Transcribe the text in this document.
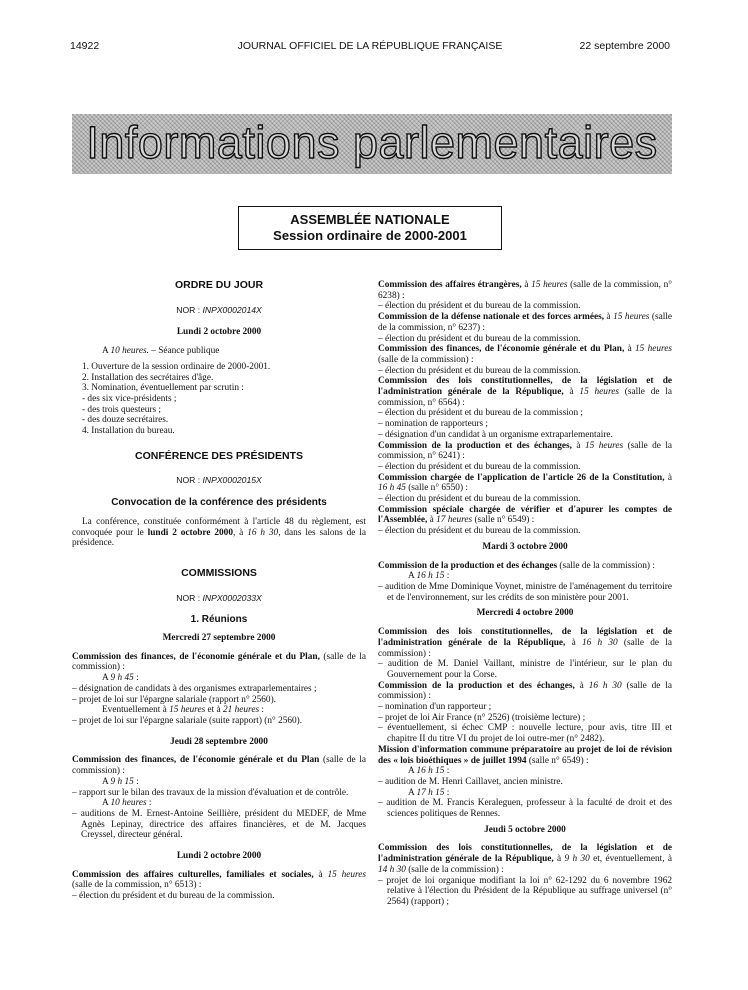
14922	JOURNAL OFFICIEL DE LA RÉPUBLIQUE FRANÇAISE	22 septembre 2000
Informations parlementaires
ASSEMBLÉE NATIONALE
Session ordinaire de 2000-2001
ORDRE DU JOUR
NOR : INPX0002014X
Lundi 2 octobre 2000

A 10 heures. – Séance publique

1. Ouverture de la session ordinaire de 2000-2001.

2. Installation des secrétaires d'âge.

3. Nomination, éventuellement par scrutin :

- des six vice-présidents ;

- des trois questeurs ;

- des douze secrétaires.

4. Installation du bureau.

CONFÉRENCE DES PRÉSIDENTS
NOR : INPX0002015X
Convocation de la conférence des présidents

La conférence, constituée conformément à l'article 48 du règlement, est convoquée pour le lundi 2 octobre 2000, à 16 h 30, dans les salons de la présidence.

COMMISSIONS
NOR : INPX0002033X
1. Réunions
Mercredi 27 septembre 2000

Commission des finances, de l'économie générale et du Plan, (salle de la commission) :

A 9 h 45 :

– désignation de candidats à des organismes extraparlementaires ;

– projet de loi sur l'épargne salariale (rapport n° 2560).

Eventuellement à 15 heures et à 21 heures :

– projet de loi sur l'épargne salariale (suite rapport) (n° 2560).

Jeudi 28 septembre 2000

Commission des finances, de l'économie générale et du Plan (salle de la commission) :

A 9 h 15 :

– rapport sur le bilan des travaux de la mission d'évaluation et de contrôle.

A 10 heures :

– auditions de M. Ernest-Antoine Seillière, président du MEDEF, de Mme Agnès Lepinay, directrice des affaires financières, et de M. Jacques Creyssel, directeur général.

Lundi 2 octobre 2000

Commission des affaires culturelles, familiales et sociales, à 15 heures (salle de la commission, n° 6513) :

– élection du président et du bureau de la commission.

Commission des affaires étrangères, à 15 heures (salle de la commission, n° 6238) :

– élection du président et du bureau de la commission.

Commission de la défense nationale et des forces armées, à 15 heures (salle de la commission, n° 6237) :

– élection du président et du bureau de la commission.

Commission des finances, de l'économie générale et du Plan, à 15 heures (salle de la commission) :

– élection du président et du bureau de la commission.

Commission des lois constitutionnelles, de la législation et de l'administration générale de la République, à 15 heures (salle de la commission, n° 6564) :

– élection du président et du bureau de la commission ;

– nomination de rapporteurs ;

– désignation d'un candidat à un organisme extraparlementaire.

Commission de la production et des échanges, à 15 heures (salle de la commission, n° 6241) :

– élection du président et du bureau de la commission.

Commission chargée de l'application de l'article 26 de la Constitution, à 16 h 45 (salle n° 6550) :

– élection du président et du bureau de la commission.

Commission spéciale chargée de vérifier et d'apurer les comptes de l'Assemblée, à 17 heures (salle n° 6549) :

– élection du président et du bureau de la commission.

Mardi 3 octobre 2000

Commission de la production et des échanges (salle de la commission) :

A 16 h 15 :

– audition de Mme Dominique Voynet, ministre de l'aménagement du territoire et de l'environnement, sur les crédits de son ministère pour 2001.

Mercredi 4 octobre 2000

Commission des lois constitutionnelles, de la législation et de l'administration générale de la République, à 16 h 30 (salle de la commission) :

– audition de M. Daniel Vaillant, ministre de l'intérieur, sur le plan du Gouvernement pour la Corse.

Commission de la production et des échanges, à 16 h 30 (salle de la commission) :

– nomination d'un rapporteur ;

– projet de loi Air France (n° 2526) (troisième lecture) ;

– éventuellement, si échec CMP : nouvelle lecture, pour avis, titre III et chapitre II du titre VI du projet de loi outre-mer (n° 2482).

Mission d'information commune préparatoire au projet de loi de révision des « lois bioéthiques » de juillet 1994 (salle n° 6549) :

A 16 h 15 :

– audition de M. Henri Caillavet, ancien ministre.

A 17 h 15 :

– audition de M. Francis Keraleguen, professeur à la faculté de droit et des sciences politiques de Rennes.

Jeudi 5 octobre 2000

Commission des lois constitutionnelles, de la législation et de l'administration générale de la République, à 9 h 30 et, éventuellement, à 14 h 30 (salle de la commission) :

– projet de loi organique modifiant la loi n° 62-1292 du 6 novembre 1962 relative à l'élection du Président de la République au suffrage universel (n° 2564) (rapport) ;
